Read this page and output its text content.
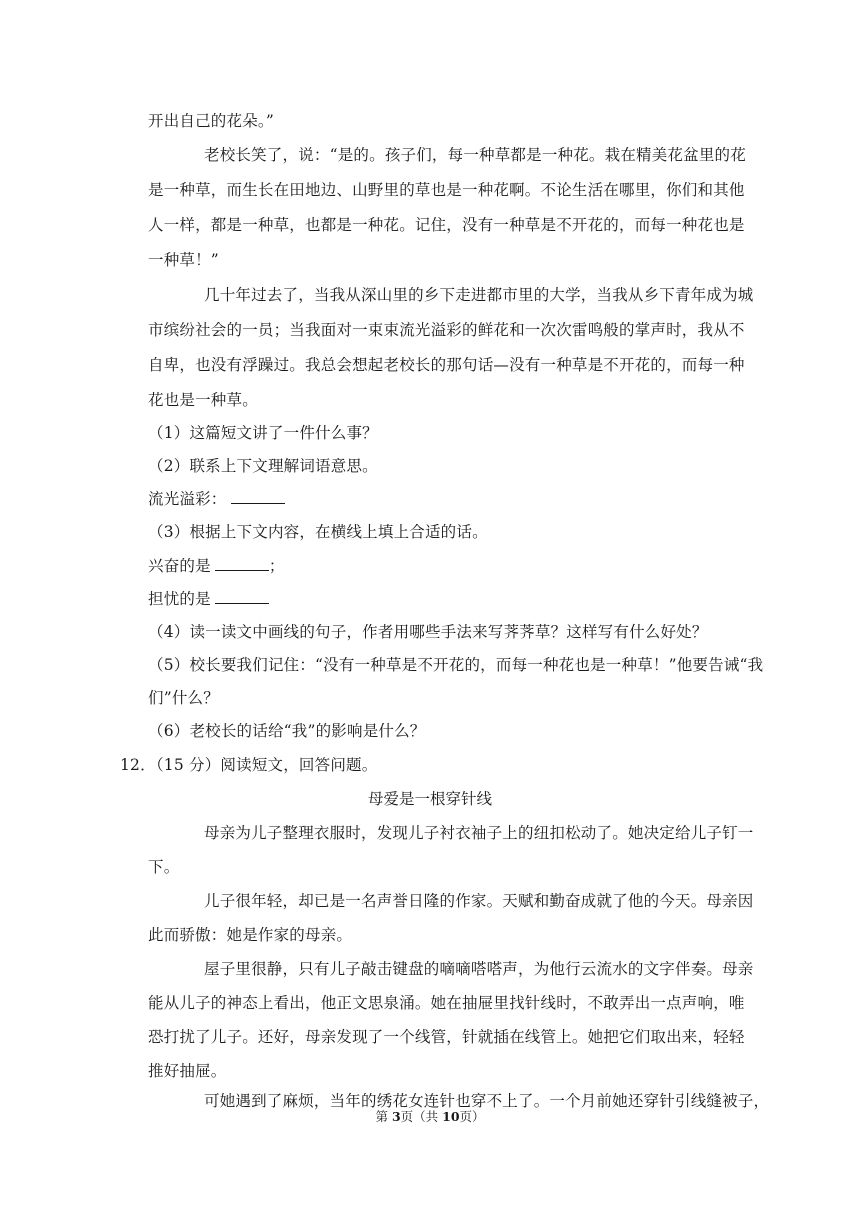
开出自己的花朵。”
老校长笑了，说：“是的。孩子们，每一种草都是一种花。栽在精美花盆里的花
是一种草，而生长在田地边、山野里的草也是一种花啊。不论生活在哪里，你们和其他
人一样，都是一种草，也都是一种花。记住，没有一种草是不开花的，而每一种花也是
一种草！”
几十年过去了，当我从深山里的乡下走进都市里的大学，当我从乡下青年成为城
市缤纷社会的一员；当我面对一束束流光溢彩的鲜花和一次次雷鸣般的掌声时，我从不
自卑，也没有浮躁过。我总会想起老校长的那句话—没有一种草是不开花的，而每一种
花也是一种草。
（1）这篇短文讲了一件什么事？
（2）联系上下文理解词语意思。
流光溢彩：
（3）根据上下文内容，在横线上填上合适的话。
兴奋的是	；
担忧的是
（4）读一读文中画线的句子，作者用哪些手法来写荠荠草？这样写有什么好处？
（5）校长要我们记住：“没有一种草是不开花的，而每一种花也是一种草！”他要告诫“我
们”什么？
（6）老校长的话给“我”的影响是什么？
12．（15 分）阅读短文，回答问题。
母爱是一根穿针线
母亲为儿子整理衣服时，发现儿子衬衣袖子上的纽扣松动了。她决定给儿子钉一
下。
儿子很年轻，却已是一名声誉日隆的作家。天赋和勤奋成就了他的今天。母亲因
此而骄傲：她是作家的母亲。
屋子里很静，只有儿子敲击键盘的嘀嘀嗒嗒声，为他行云流水的文字伴奏。母亲
能从儿子的神态上看出，他正文思泉涌。她在抽屉里找针线时，不敢弄出一点声响，唯
恐打扰了儿子。还好，母亲发现了一个线管，针就插在线管上。她把它们取出来，轻轻
推好抽屉。
可她遇到了麻烦，当年的绣花女连针也穿不上了。一个月前她还穿针引线缝被子，
第 3页（共 10页）
